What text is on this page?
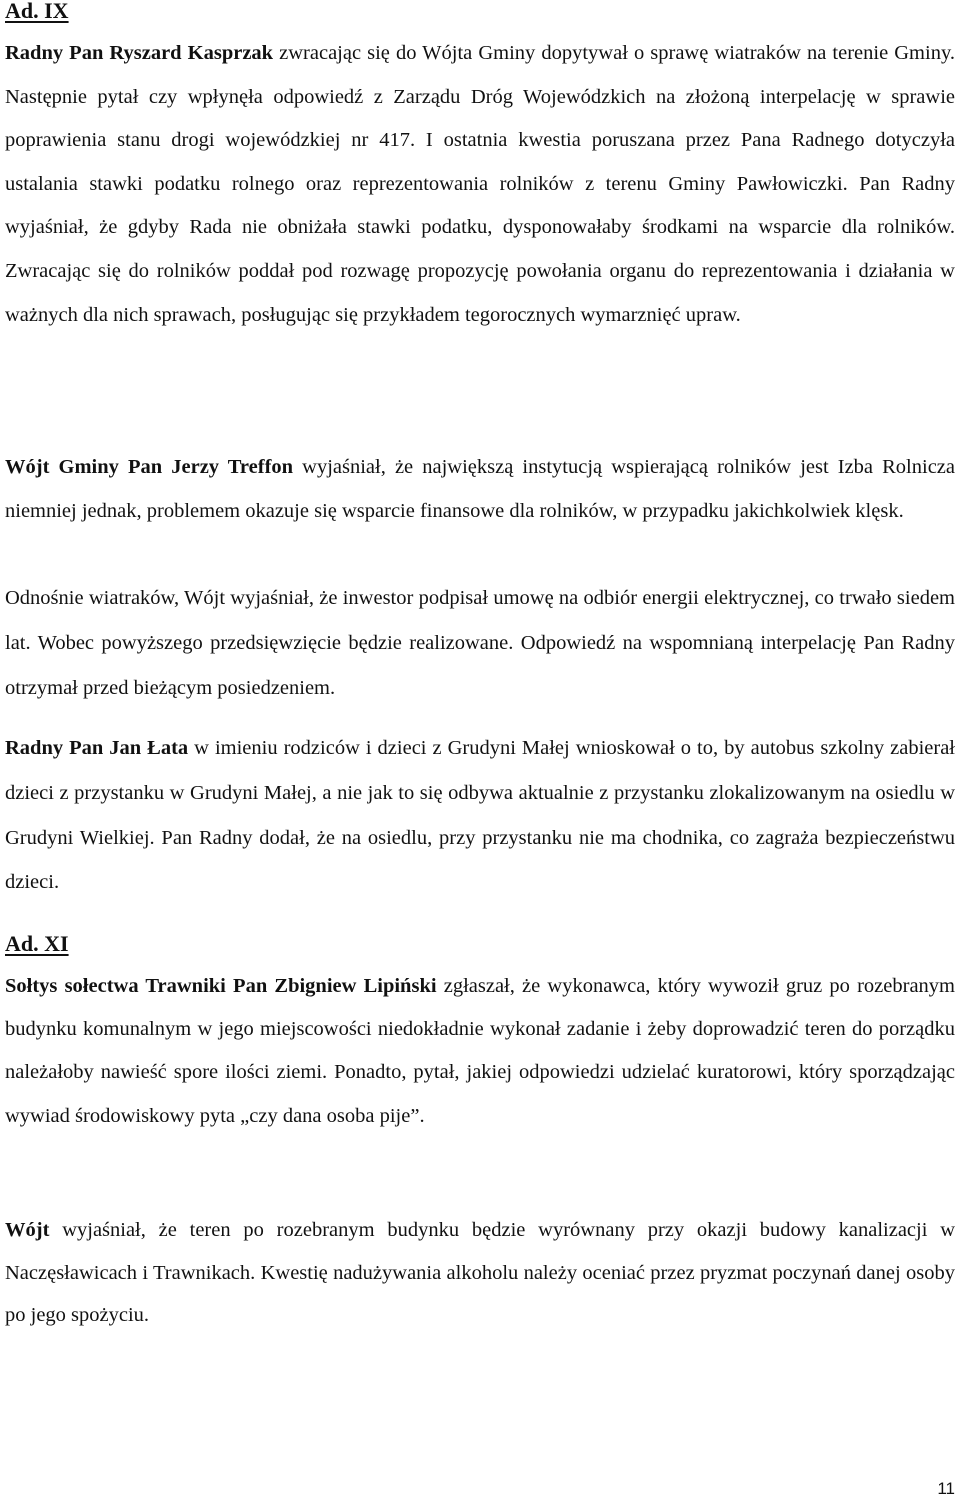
Ad. IX

Radny Pan Ryszard Kasprzak zwracając się do Wójta Gminy dopytywał o sprawę wiatraków na terenie Gminy. Następnie pytał czy wpłynęła odpowiedź z Zarządu Dróg Wojewódzkich na złożoną interpelację w sprawie poprawienia stanu drogi wojewódzkiej nr 417. I ostatnia kwestia poruszana przez Pana Radnego dotyczyła ustalania stawki podatku rolnego oraz reprezentowania rolników z terenu Gminy Pawłowiczki. Pan Radny wyjaśniał, że gdyby Rada nie obniżała stawki podatku, dysponowałaby środkami na wsparcie dla rolników. Zwracając się do rolników poddał pod rozwagę propozycję powołania organu do reprezentowania i działania w ważnych dla nich sprawach, posługując się przykładem tegorocznych wymarznięć upraw.

Wójt Gminy Pan Jerzy Treffon wyjaśniał, że największą instytucją wspierającą rolników jest Izba Rolnicza niemniej jednak, problemem okazuje się wsparcie finansowe dla rolników, w przypadku jakichkolwiek klęsk.

Odnośnie wiatraków, Wójt wyjaśniał, że inwestor podpisał umowę na odbiór energii elektrycznej, co trwało siedem lat. Wobec powyższego przedsięwzięcie będzie realizowane. Odpowiedź na wspomnianą interpelację Pan Radny otrzymał przed bieżącym posiedzeniem.

Radny Pan Jan Łata w imieniu rodziców i dzieci z Grudyni Małej wnioskował o to, by autobus szkolny zabierał dzieci z przystanku w Grudyni Małej, a nie jak to się odbywa aktualnie z przystanku zlokalizowanym na osiedlu w Grudyni Wielkiej. Pan Radny dodał, że na osiedlu, przy przystanku nie ma chodnika, co zagraża bezpieczeństwu dzieci.

Ad. XI

Sołtys sołectwa Trawniki Pan Zbigniew Lipiński zgłaszał, że wykonawca, który wywoził gruz po rozebranym budynku komunalnym w jego miejscowości niedokładnie wykonał zadanie i żeby doprowadzić teren do porządku należałoby nawieść spore ilości ziemi. Ponadto, pytał, jakiej odpowiedzi udzielać kuratorowi, który sporządzając wywiad środowiskowy pyta „czy dana osoba pije”.

Wójt wyjaśniał, że teren po rozebranym budynku będzie wyrównany przy okazji budowy kanalizacji w Naczęsławicach i Trawnikach. Kwestię nadużywania alkoholu należy oceniać przez pryzmat poczynań danej osoby po jego spożyciu.

11
